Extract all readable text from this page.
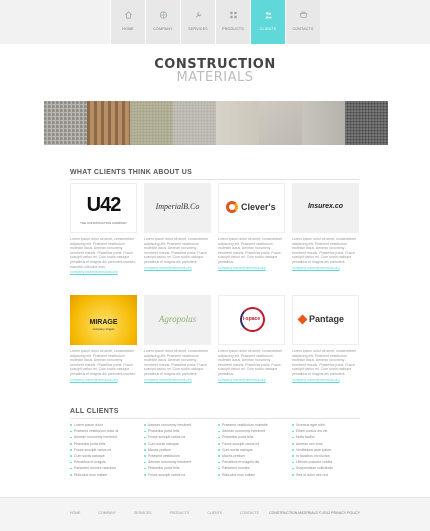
HOME	COMPANY	SERVICES	PRODUCTS	CLIENTS	CONTACTS
CONSTRUCTION
MATERIALS
WHAT CLIENTS THINK ABOUT US
U42
THE CONSTRUCTION COMPANY
Lorem ipsum dolor sit amet, consectetuer adipiscing elit. Praesent vestibulum molestie lacus. Aenean nonummy hendrerit mauris. Phasellus porta. Fusce suscipit varius mi. Cum sociis natoque penatibus et magnis dis parturient montes, nascetur ridiculus mus.
company name@demolink.org
ImperialB.Co
Lorem ipsum dolor sit amet, consectetuer adipiscing elit. Praesent vestibulum molestie lacus. Aenean nonummy hendrerit mauris. Phasellus porta. Fusce suscipit varius mi. Cum sociis natoque penatibus et magnis dis parturient.
company name@demolink.org
Clever's
Lorem ipsum dolor sit amet, consectetuer adipiscing elit. Praesent vestibulum molestie lacus. Aenean nonummy hendrerit mauris. Phasellus porta. Fusce suscipit varius mi. Cum sociis natoque penatibus.
company name@demolink.org
Insurex.co
Lorem ipsum dolor sit amet, consectetuer adipiscing elit. Praesent vestibulum molestie lacus. Aenean nonummy hendrerit mauris. Phasellus porta. Fusce suscipit varius mi. Cum sociis natoque penatibus et magnis dis parturient.
company name@demolink.org
MIRAGE
company slogan
Lorem ipsum dolor sit amet, consectetuer adipiscing elit. Praesent vestibulum molestie lacus. Aenean nonummy hendrerit mauris. Phasellus porta. Fusce suscipit varius mi. Cum sociis natoque penatibus et magnis dis parturient montes.
company name@demolink.org
Agropolus
Lorem ipsum dolor sit amet, consectetuer adipiscing elit. Praesent vestibulum molestie lacus. Aenean nonummy hendrerit mauris. Phasellus porta. Fusce suscipit varius mi. Cum sociis natoque penatibus et magnis dis parturient.
company name@demolink.org
i-space
Lorem ipsum dolor sit amet, consectetuer adipiscing elit. Praesent vestibulum molestie lacus. Aenean nonummy hendrerit mauris. Phasellus porta. Fusce suscipit varius mi. Cum sociis natoque penatibus.
company name@demolink.org
Pantage
Lorem ipsum dolor sit amet, consectetuer adipiscing elit. Praesent vestibulum molestie lacus. Aenean nonummy hendrerit mauris. Phasellus porta. Fusce suscipit varius mi. Cum sociis natoque penatibus et magnis dis parturient.
company name@demolink.org
ALL CLIENTS
Lorem ipsum dolor
Praesent vestibulum dolor at
Aenean nonummy hendrerit
Phasellus porta felis
Fusce suscipit varius mi
Cum sociis natoque
Penatibus et magnis
Parturient montes nascetur
Ridiculus mus nullam
Aenean nonummy hendrerit
Phasellus porta felis
Fusce suscipit varius mi
Cum sociis natoque
Mauris pretium
Praesent vestibulum
Aenean nonummy hendrerit
Phasellus porta felis
Fusce suscipit varius mi
Praesent vestibulum molestie
Aenean nonummy hendrerit
Phasellus porta felis
Fusce suscipit varius mi
Cum sociis natoque
Mauris pretium
Penatibus et magnis dis
Parturient montes
Ridiculus mus nullam
Vivamus eget nibh
Etiam cursus leo vel
Nulla facilisi
Aenean nec eros
Vestibulum ante ipsum
In faucibus orci luctus
Ultrices posuere cubilia
Suspendisse sollicitudin
Sed ut dolor nec orci
HOME	COMPANY	SERVICES	PRODUCTS	CLIENTS	CONTACTS	CONSTRUCTION MATERIALS © 2012 PRIVACY POLICY
